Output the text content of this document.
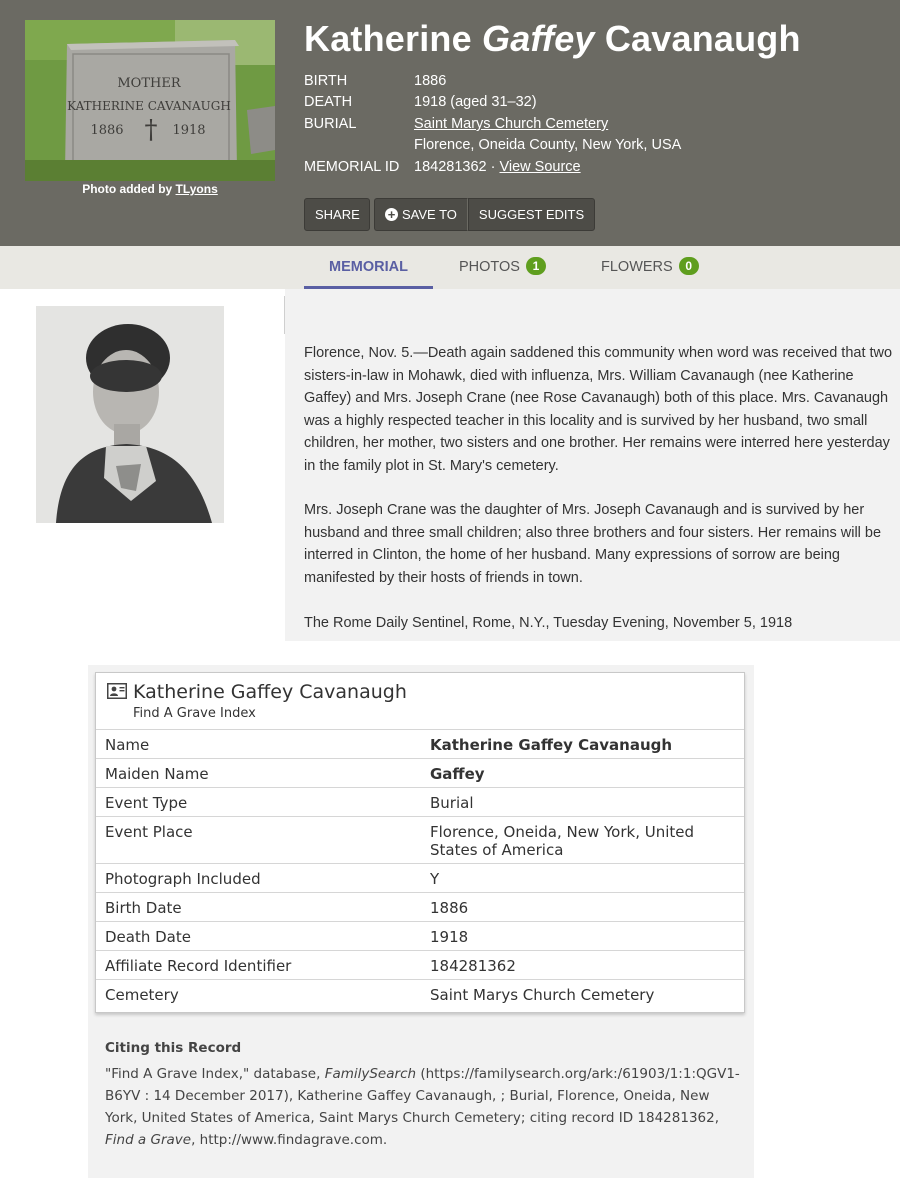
MOTHER
KATHERINE CAVANAUGH
1886 † 1918
Photo added by TLyons
Katherine Gaffey Cavanaugh
BIRTH	1886
DEATH	1918 (aged 31–32)
BURIAL	Saint Marys Church Cemetery
Florence, Oneida County, New York, USA
MEMORIAL ID	184281362 · View Source
SHARE	+ SAVE TO	SUGGEST EDITS
MEMORIAL	PHOTOS 1	FLOWERS 0

Florence, Nov. 5.—Death again saddened this community when word was received that two sisters-in-law in Mohawk, died with influenza, Mrs. William Cavanaugh (nee Katherine Gaffey) and Mrs. Joseph Crane (nee Rose Cavanaugh) both of this place. Mrs. Cavanaugh was a highly respected teacher in this locality and is survived by her husband, two small children, her mother, two sisters and one brother. Her remains were interred here yesterday in the family plot in St. Mary's cemetery.

Mrs. Joseph Crane was the daughter of Mrs. Joseph Cavanaugh and is survived by her husband and three small children; also three brothers and four sisters. Her remains will be interred in Clinton, the home of her husband. Many expressions of sorrow are being manifested by their hosts of friends in town.

The Rome Daily Sentinel, Rome, N.Y., Tuesday Evening, November 5, 1918

Katherine Gaffey Cavanaugh
Find A Grave Index
Name	Katherine Gaffey Cavanaugh
Maiden Name	Gaffey
Event Type	Burial
Event Place	Florence, Oneida, New York, United States of America
Photograph Included	Y
Birth Date	1886
Death Date	1918
Affiliate Record Identifier	184281362
Cemetery	Saint Marys Church Cemetery
Citing this Record

"Find A Grave Index," database, FamilySearch (https://familysearch.org/ark:/61903/1:1:QGV1-B6YV : 14 December 2017), Katherine Gaffey Cavanaugh, ; Burial, Florence, Oneida, New York, United States of America, Saint Marys Church Cemetery; citing record ID 184281362, Find a Grave, http://www.findagrave.com.
